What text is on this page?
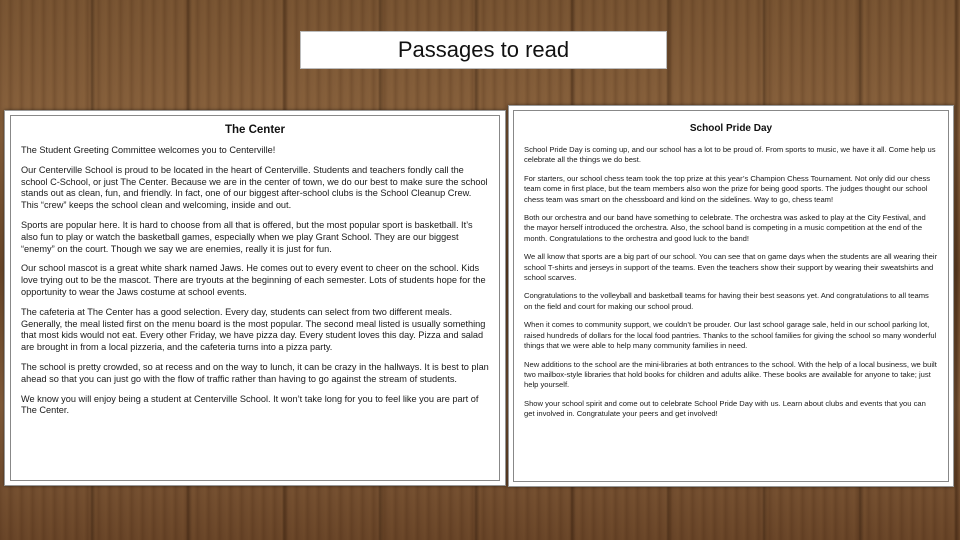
Passages to read
The Center

The Student Greeting Committee welcomes you to Centerville!

Our Centerville School is proud to be located in the heart of Centerville. Students and teachers fondly call the school C-School, or just The Center. Because we are in the center of town, we do our best to make sure the school stands out as clean, fun, and friendly. In fact, one of our biggest after-school clubs is the School Cleanup Crew. This “crew” keeps the school clean and welcoming, inside and out.

Sports are popular here. It is hard to choose from all that is offered, but the most popular sport is basketball. It’s also fun to play or watch the basketball games, especially when we play Grant School. They are our biggest “enemy” on the court. Though we say we are enemies, really it is just for fun.

Our school mascot is a great white shark named Jaws. He comes out to every event to cheer on the school. Kids love trying out to be the mascot. There are tryouts at the beginning of each semester. Lots of students hope for the opportunity to wear the Jaws costume at school events.

The cafeteria at The Center has a good selection. Every day, students can select from two different meals. Generally, the meal listed first on the menu board is the most popular. The second meal listed is usually something that most kids would not eat. Every other Friday, we have pizza day. Every student loves this day. Pizza and salad are brought in from a local pizzeria, and the cafeteria turns into a pizza party.

The school is pretty crowded, so at recess and on the way to lunch, it can be crazy in the hallways. It is best to plan ahead so that you can just go with the flow of traffic rather than having to go against the stream of students.

We know you will enjoy being a student at Centerville School. It won’t take long for you to feel like you are part of The Center.

School Pride Day

School Pride Day is coming up, and our school has a lot to be proud of. From sports to music, we have it all. Come help us celebrate all the things we do best.

For starters, our school chess team took the top prize at this year’s Champion Chess Tournament. Not only did our chess team come in first place, but the team members also won the prize for being good sports. The judges thought our school chess team was smart on the chessboard and kind on the sidelines. Way to go, chess team!

Both our orchestra and our band have something to celebrate. The orchestra was asked to play at the City Festival, and the mayor herself introduced the orchestra. Also, the school band is competing in a music competition at the end of the month. Congratulations to the orchestra and good luck to the band!

We all know that sports are a big part of our school. You can see that on game days when the students are all wearing their school T-shirts and jerseys in support of the teams. Even the teachers show their support by wearing their sweatshirts and school scarves.

Congratulations to the volleyball and basketball teams for having their best seasons yet. And congratulations to all teams on the field and court for making our school proud.

When it comes to community support, we couldn’t be prouder. Our last school garage sale, held in our school parking lot, raised hundreds of dollars for the local food pantries. Thanks to the school families for giving the school so many wonderful things that we were able to help many community families in need.

New additions to the school are the mini-libraries at both entrances to the school. With the help of a local business, we built two mailbox-style libraries that hold books for children and adults alike. These books are available for anyone to take; just help yourself.

Show your school spirit and come out to celebrate School Pride Day with us. Learn about clubs and events that you can get involved in. Congratulate your peers and get involved!
